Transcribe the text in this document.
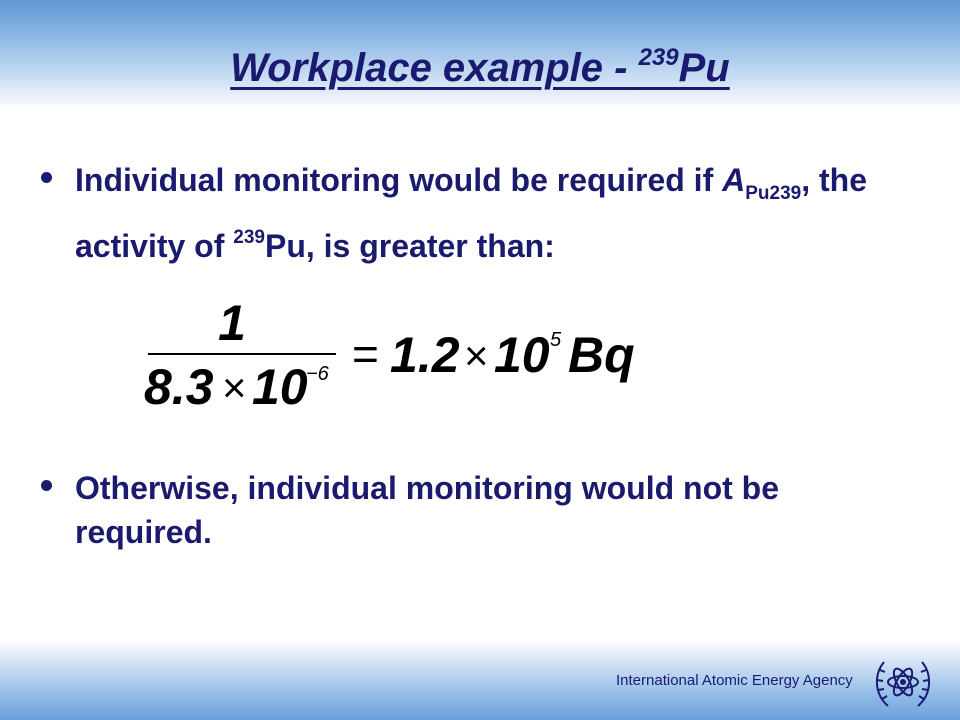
Workplace example - $^{239}$Pu
Individual monitoring would be required if $A_{Pu239}$, the activity of $^{239}$Pu, is greater than:
1
8.3 × 10
−6 = 1.2 × 10 5 Bq
Otherwise, individual monitoring would not be required.
International Atomic Energy Agency
